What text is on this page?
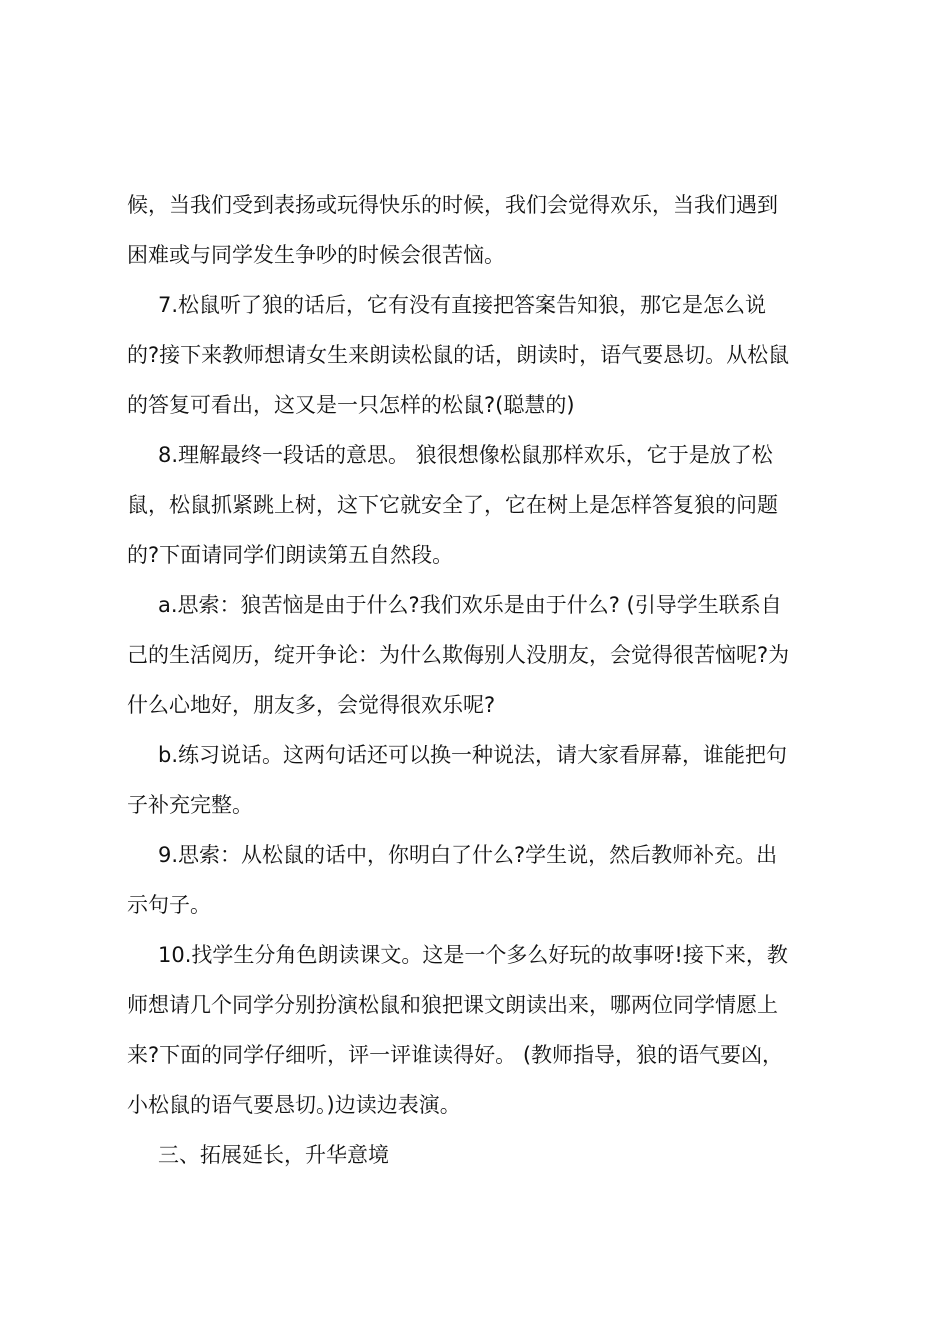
候，当我们受到表扬或玩得快乐的时候，我们会觉得欢乐，当我们遇到
困难或与同学发生争吵的时候会很苦恼。

7.松鼠听了狼的话后，它有没有直接把答案告知狼，那它是怎么说
的?接下来教师想请女生来朗读松鼠的话，朗读时，语气要恳切。从松鼠
的答复可看出，这又是一只怎样的松鼠?(聪慧的)

8.理解最终一段话的意思。 狼很想像松鼠那样欢乐，它于是放了松
鼠，松鼠抓紧跳上树，这下它就安全了，它在树上是怎样答复狼的问题
的?下面请同学们朗读第五自然段。

a.思索：狼苦恼是由于什么?我们欢乐是由于什么? (引导学生联系自
己的生活阅历，绽开争论：为什么欺侮别人没朋友，会觉得很苦恼呢?为
什么心地好，朋友多，会觉得很欢乐呢?

b.练习说话。这两句话还可以换一种说法，请大家看屏幕，谁能把句
子补充完整。

9.思索：从松鼠的话中，你明白了什么?学生说，然后教师补充。出
示句子。

10.找学生分角色朗读课文。这是一个多么好玩的故事呀!接下来，教
师想请几个同学分别扮演松鼠和狼把课文朗读出来，哪两位同学情愿上
来?下面的同学仔细听，评一评谁读得好。 (教师指导，狼的语气要凶，
小松鼠的语气要恳切。)边读边表演。

三、拓展延长，升华意境
